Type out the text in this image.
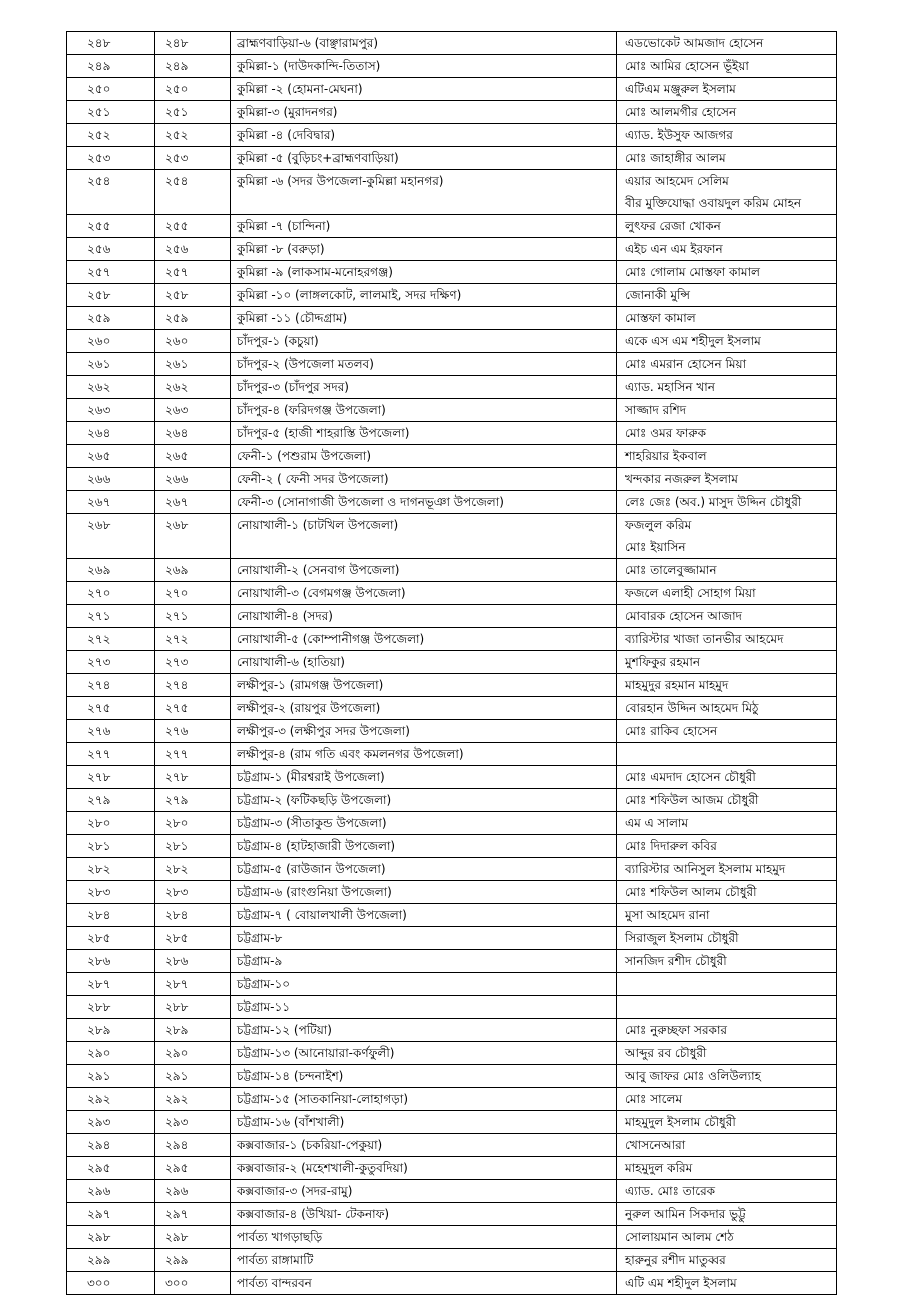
২৪৮	২৪৮	ব্রাহ্মণবাড়িয়া-৬ (বাঞ্ছারামপুর)	এডভোকেট আমজাদ হোসেন

২৪৯	২৪৯	কুমিল্লা-১ (দাউদকান্দি-তিতাস)	মোঃ আমির হোসেন ভূঁইয়া

২৫০	২৫০	কুমিল্লা -২ (হোমনা-মেঘনা)	এটিএম মঞ্জুরুল ইসলাম

২৫১	২৫১	কুমিল্লা-৩ (মুরাদনগর)	মোঃ আলমগীর হোসেন

২৫২	২৫২	কুমিল্লা -৪ (দেবিদ্বার)	এ্যাড. ইউসুফ আজগর

২৫৩	২৫৩	কুমিল্লা -৫ (বুড়িচং+ব্রাহ্মণবাড়িয়া)	মোঃ জাহাঙ্গীর আলম

২৫৪	২৫৪	কুমিল্লা -৬ (সদর উপজেলা-কুমিল্লা মহানগর)	এয়ার আহমেদ সেলিম
বীর মুক্তিযোদ্ধা ওবায়দুল করিম মোহন

২৫৫	২৫৫	কুমিল্লা -৭ (চান্দিনা)	লুৎফর রেজা খোকন

২৫৬	২৫৬	কুমিল্লা -৮ (বরুড়া)	এইচ এন এম ইরফান

২৫৭	২৫৭	কুমিল্লা -৯ (লাকসাম-মনোহরগঞ্জ)	মোঃ গোলাম মোস্তফা কামাল

২৫৮	২৫৮	কুমিল্লা -১০ (লাঙ্গলকোট, লালমাই, সদর দক্ষিণ)	জোনাকী মুন্সি

২৫৯	২৫৯	কুমিল্লা -১১ (চৌদ্দগ্রাম)	মোস্তফা কামাল

২৬০	২৬০	চাঁদপুর-১ (কচুয়া)	একে এস এম শহীদুল ইসলাম

২৬১	২৬১	চাঁদপুর-২ (উপজেলা মতলব)	মোঃ এমরান হোসেন মিয়া

২৬২	২৬২	চাঁদপুর-৩ (চাঁদপুর সদর)	এ্যাড. মহাসিন খান

২৬৩	২৬৩	চাঁদপুর-৪ (ফরিদগঞ্জ উপজেলা)	সাজ্জাদ রশিদ

২৬৪	২৬৪	চাঁদপুর-৫ (হাজী শাহরাস্তি উপজেলা)	মোঃ ওমর ফারুক

২৬৫	২৬৫	ফেনী-১ (পশুরাম উপজেলা)	শাহরিয়ার ইকবাল

২৬৬	২৬৬	ফেনী-২ ( ফেনী সদর উপজেলা)	খন্দকার নজরুল ইসলাম

২৬৭	২৬৭	ফেনী-৩ (সোনাগাজী উপজেলা ও দাগনভূঞা উপজেলা)	লেঃ জেঃ (অব.) মাসুদ উদ্দিন চৌধুরী

২৬৮	২৬৮	নোয়াখালী-১ (চাটখিল উপজেলা)	ফজলুল করিম
মোঃ ইয়াসিন

২৬৯	২৬৯	নোয়াখালী-২ (সেনবাগ উপজেলা)	মোঃ তালেবুজ্জামান

২৭০	২৭০	নোয়াখালী-৩ (বেগমগঞ্জ উপজেলা)	ফজলে এলাহী সোহাগ মিয়া

২৭১	২৭১	নোয়াখালী-৪ (সদর)	মোবারক হোসেন আজাদ

২৭২	২৭২	নোয়াখালী-৫ (কোম্পানীগঞ্জ উপজেলা)	ব্যারিস্টার খাজা তানভীর আহমেদ

২৭৩	২৭৩	নোয়াখালী-৬ (হাতিয়া)	মুশফিকুর রহমান

২৭৪	২৭৪	লক্ষীপুর-১ (রামগঞ্জ উপজেলা)	মাহমুদুর রহমান মাহমুদ

২৭৫	২৭৫	লক্ষীপুর-২ (রায়পুর উপজেলা)	বোরহান উদ্দিন আহমেদ মিঠু

২৭৬	২৭৬	লক্ষীপুর-৩ (লক্ষীপুর সদর উপজেলা)	মোঃ রাকিব হোসেন

২৭৭	২৭৭	লক্ষীপুর-৪ (রাম গতি এবং কমলনগর উপজেলা)	

২৭৮	২৭৮	চট্টগ্রাম-১ (মীরশ্বরাই উপজেলা)	মোঃ এমদাদ হোসেন চৌধুরী

২৭৯	২৭৯	চট্টগ্রাম-২ (ফটিকছড়ি উপজেলা)	মোঃ শফিউল আজম চৌধুরী

২৮০	২৮০	চট্টগ্রাম-৩ (সীতাকুন্ড উপজেলা)	এম এ সালাম

২৮১	২৮১	চট্টগ্রাম-৪ (হাটহাজারী উপজেলা)	মোঃ দিদারুল কবির

২৮২	২৮২	চট্টগ্রাম-৫ (রাউজান উপজেলা)	ব্যারিস্টার আনিসুল ইসলাম মাহমুদ

২৮৩	২৮৩	চট্টগ্রাম-৬ (রাংগুনিয়া উপজেলা)	মোঃ শফিউল আলম চৌধুরী

২৮৪	২৮৪	চট্টগ্রাম-৭ ( বোয়ালখালী উপজেলা)	মুসা আহমেদ রানা

২৮৫	২৮৫	চট্টগ্রাম-৮	সিরাজুল ইসলাম চৌধুরী

২৮৬	২৮৬	চট্টগ্রাম-৯	সানজিদ রশীদ চৌধুরী

২৮৭	২৮৭	চট্টগ্রাম-১০	

২৮৮	২৮৮	চট্টগ্রাম-১১	

২৮৯	২৮৯	চট্টগ্রাম-১২ (পটিয়া)	মোঃ নুরুচ্ছফা সরকার

২৯০	২৯০	চট্টগ্রাম-১৩ (আনোয়ারা-কর্ণফুলী)	আব্দুর রব চৌধুরী

২৯১	২৯১	চট্টগ্রাম-১৪ (চন্দনাইশ)	আবু জাফর মোঃ ওলিউল্যাহ

২৯২	২৯২	চট্টগ্রাম-১৫ (সাতকানিয়া-লোহাগড়া)	মোঃ সালেম

২৯৩	২৯৩	চট্টগ্রাম-১৬ (বাঁশখালী)	মাহমুদুল ইসলাম চৌধুরী

২৯৪	২৯৪	কক্সবাজার-১ (চকরিয়া-পেকুয়া)	খোসনেআরা

২৯৫	২৯৫	কক্সবাজার-২ (মহেশখালী-কুতুবদিয়া)	মাহমুদুল করিম

২৯৬	২৯৬	কক্সবাজার-৩ (সদর-রামু)	এ্যাড. মোঃ তারেক

২৯৭	২৯৭	কক্সবাজার-৪ (উখিয়া- টেকনাফ)	নুরুল আমিন সিকদার ভুট্টু

২৯৮	২৯৮	পার্বত্য খাগড়াছড়ি	সোলায়মান আলম শেঠ

২৯৯	২৯৯	পার্বত্য রাঙ্গামাটি	হারুনুর রশীদ মাতুব্বর

৩০০	৩০০	পার্বত্য বান্দরবন	এটি এম শহীদুল ইসলাম
